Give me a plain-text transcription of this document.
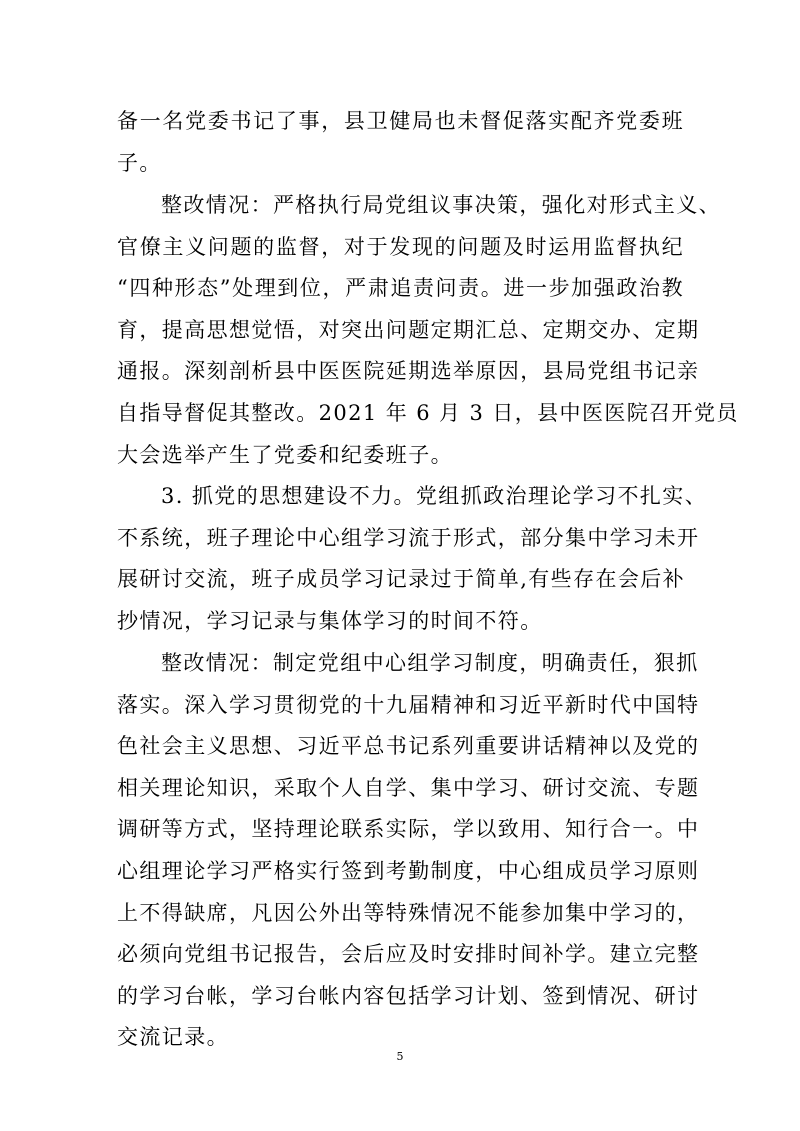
备一名党委书记了事，县卫健局也未督促落实配齐党委班
子。
整改情况：严格执行局党组议事决策，强化对形式主义、
官僚主义问题的监督，对于发现的问题及时运用监督执纪
“四种形态”处理到位，严肃追责问责。进一步加强政治教
育，提高思想觉悟，对突出问题定期汇总、定期交办、定期
通报。深刻剖析县中医医院延期选举原因，县局党组书记亲
自指导督促其整改。2021 年 6 月 3 日，县中医医院召开党员
大会选举产生了党委和纪委班子。
3. 抓党的思想建设不力。党组抓政治理论学习不扎实、
不系统，班子理论中心组学习流于形式，部分集中学习未开
展研讨交流，班子成员学习记录过于简单,有些存在会后补
抄情况，学习记录与集体学习的时间不符。
整改情况：制定党组中心组学习制度，明确责任，狠抓
落实。深入学习贯彻党的十九届精神和习近平新时代中国特
色社会主义思想、习近平总书记系列重要讲话精神以及党的
相关理论知识，采取个人自学、集中学习、研讨交流、专题
调研等方式，坚持理论联系实际，学以致用、知行合一。中
心组理论学习严格实行签到考勤制度，中心组成员学习原则
上不得缺席，凡因公外出等特殊情况不能参加集中学习的，
必须向党组书记报告，会后应及时安排时间补学。建立完整
的学习台帐，学习台帐内容包括学习计划、签到情况、研讨
交流记录。
5
